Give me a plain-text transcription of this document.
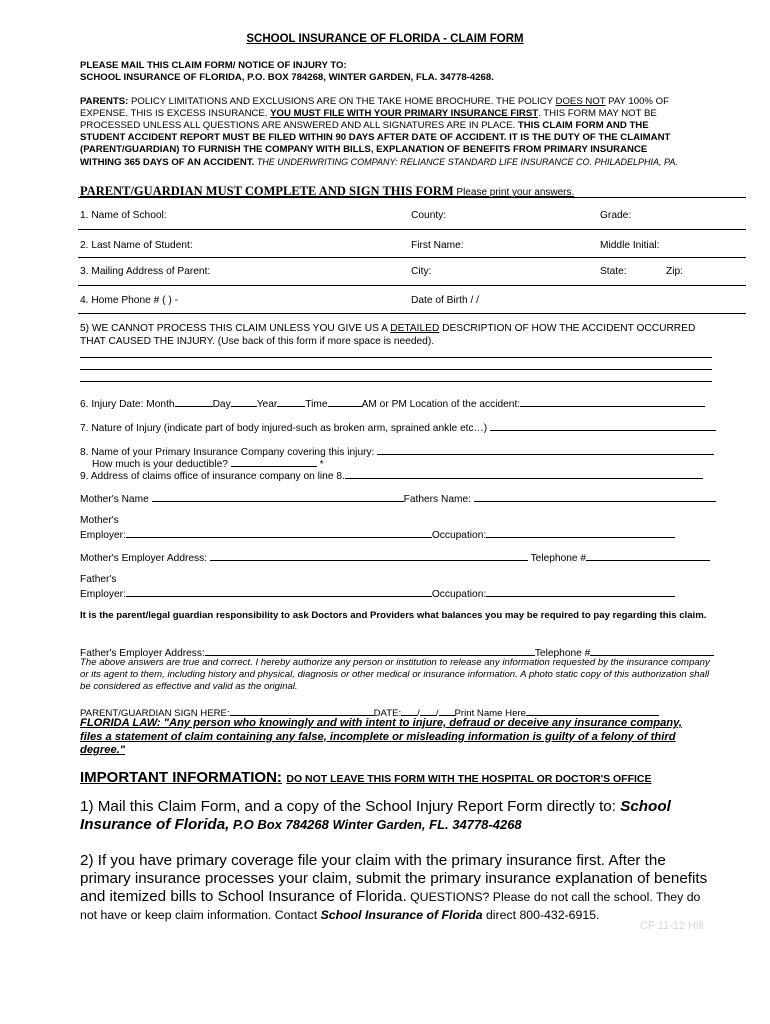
SCHOOL INSURANCE OF FLORIDA - CLAIM FORM
PLEASE MAIL THIS CLAIM FORM/ NOTICE OF INJURY TO:
SCHOOL INSURANCE OF FLORIDA, P.O. BOX 784268, WINTER GARDEN, FLA. 34778-4268.
PARENTS: POLICY LIMITATIONS AND EXCLUSIONS ARE ON THE TAKE HOME BROCHURE. THE POLICY DOES NOT PAY 100% OF
EXPENSE. THIS IS EXCESS INSURANCE. YOU MUST FILE WITH YOUR PRIMARY INSURANCE FIRST. THIS FORM MAY NOT BE
PROCESSED UNLESS ALL QUESTIONS ARE ANSWERED AND ALL SIGNATURES ARE IN PLACE. THIS CLAIM FORM AND THE
STUDENT ACCIDENT REPORT MUST BE FILED WITHIN 90 DAYS AFTER DATE OF ACCIDENT. IT IS THE DUTY OF THE CLAIMANT
(PARENT/GUARDIAN) TO FURNISH THE COMPANY WITH BILLS, EXPLANATION OF BENEFITS FROM PRIMARY INSURANCE
WITHING 365 DAYS OF AN ACCIDENT. THE UNDERWRITING COMPANY: RELIANCE STANDARD LIFE INSURANCE CO. PHILADELPHIA, PA.
PARENT/GUARDIAN MUST COMPLETE AND SIGN THIS FORM Please print your answers.
1. Name of School:	County:	Grade:
2. Last Name of Student:	First Name:	Middle Initial:
3. Mailing Address of Parent:	City:	State:	Zip:
4. Home Phone # ( ) -	Date of Birth / /
5) WE CANNOT PROCESS THIS CLAIM UNLESS YOU GIVE US A DETAILED DESCRIPTION OF HOW THE ACCIDENT OCCURRED
THAT CAUSED THE INJURY. (Use back of this form if more space is needed).
6. Injury Date: Month	Day	Year	Time	AM or PM Location of the accident:
7. Nature of Injury (indicate part of body injured-such as broken arm, sprained ankle etc…)
8. Name of your Primary Insurance Company covering this injury:
How much is your deductible?	*
9. Address of claims office of insurance company on line 8.
Mother's Name	Fathers Name:
Mother's
Employer:	Occupation:
Mother's Employer Address:	Telephone #
Father's
Employer:	Occupation:
It is the parent/legal guardian responsibility to ask Doctors and Providers what balances you may be required to pay regarding this claim.
Father's Employer Address:	Telephone #
The above answers are true and correct. I hereby authorize any person or institution to release any information requested by the insurance company or its agent to them, including history and physical, diagnosis or other medical or insurance information. A photo static copy of this authorization shall be considered as effective and valid as the original.
PARENT/GUARDIAN SIGN HERE:	DATE: / / Print Name Here
FLORIDA LAW: "Any person who knowingly and with intent to injure, defraud or deceive any insurance company, files a statement of claim containing any false, incomplete or misleading information is guilty of a felony of third degree."
IMPORTANT INFORMATION: DO NOT LEAVE THIS FORM WITH THE HOSPITAL OR DOCTOR'S OFFICE
1) Mail this Claim Form, and a copy of the School Injury Report Form directly to: School Insurance of Florida, P.O Box 784268 Winter Garden, FL. 34778-4268
2) If you have primary coverage file your claim with the primary insurance first. After the primary insurance processes your claim, submit the primary insurance explanation of benefits and itemized bills to School Insurance of Florida. QUESTIONS? Please do not call the school. They do not have or keep claim information. Contact School Insurance of Florida direct 800-432-6915.
CF 11-12 Hill
